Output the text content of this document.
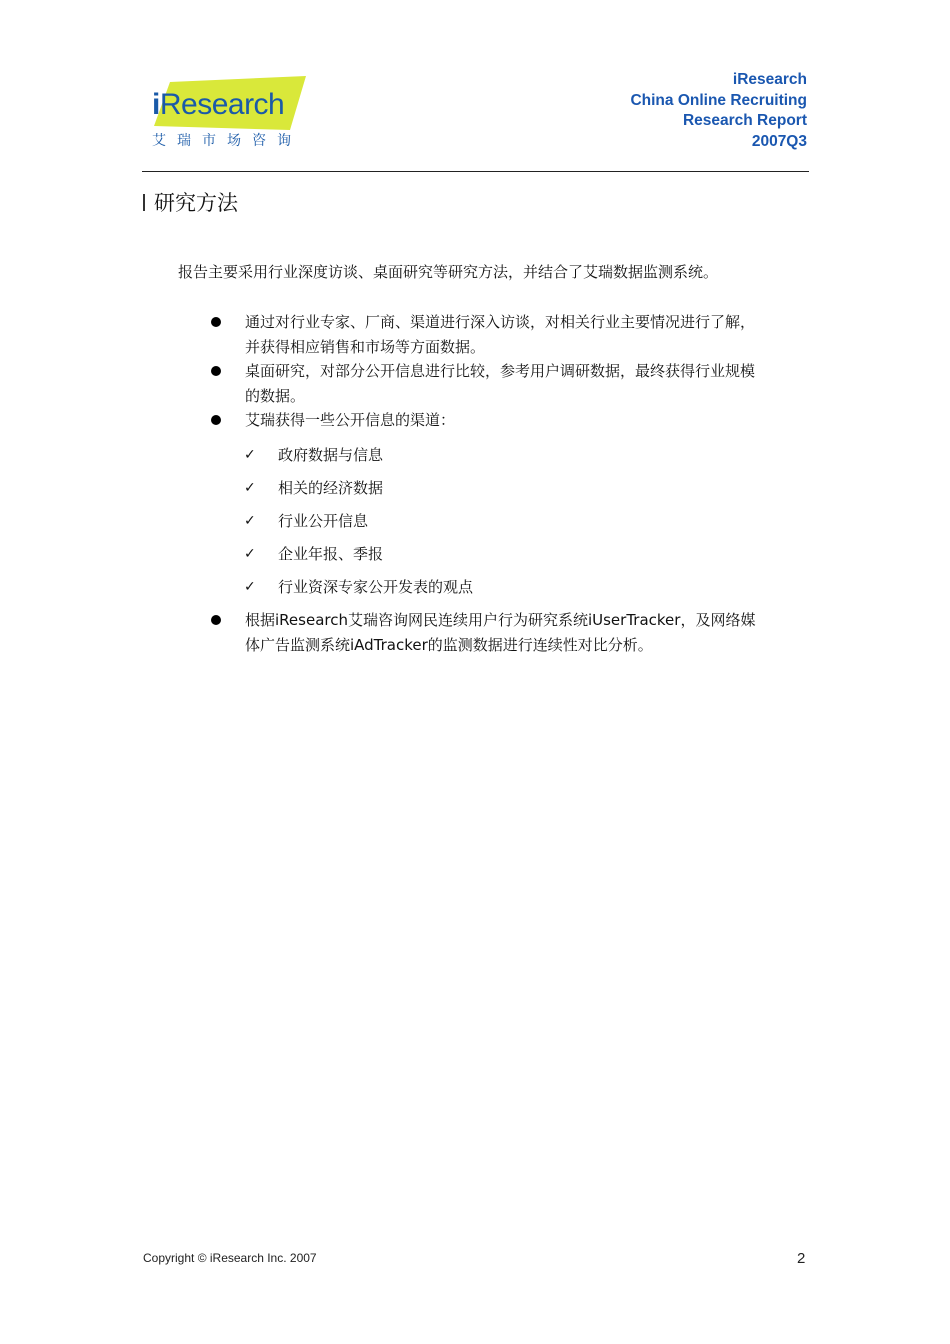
iResearch
艾瑞市场咨询
iResearch
China Online Recruiting
Research Report
2007Q3
研究方法
报告主要采用行业深度访谈、桌面研究等研究方法，并结合了艾瑞数据监测系统。
通过对行业专家、厂商、渠道进行深入访谈，对相关行业主要情况进行了解，
并获得相应销售和市场等方面数据。
桌面研究，对部分公开信息进行比较，参考用户调研数据，最终获得行业规模
的数据。
艾瑞获得一些公开信息的渠道：
✓ 政府数据与信息
✓ 相关的经济数据
✓ 行业公开信息
✓ 企业年报、季报
✓ 行业资深专家公开发表的观点
根据iResearch艾瑞咨询网民连续用户行为研究系统iUserTracker，及网络媒
体广告监测系统iAdTracker的监测数据进行连续性对比分析。
Copyright © iResearch Inc. 2007	2
